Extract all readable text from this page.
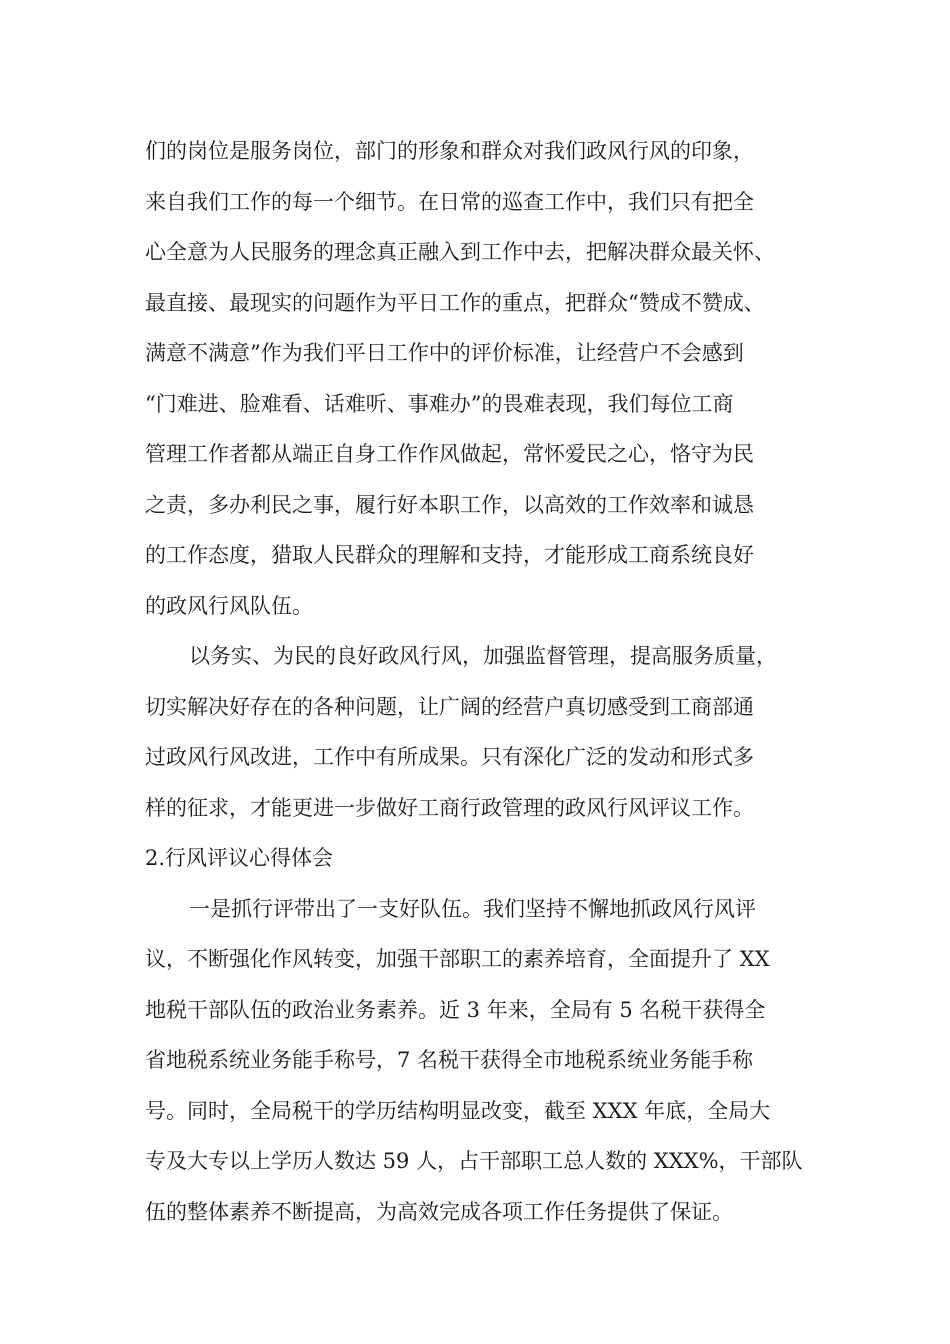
们的岗位是服务岗位，部门的形象和群众对我们政风行风的印象，

来自我们工作的每一个细节。在日常的巡查工作中，我们只有把全

心全意为人民服务的理念真正融入到工作中去，把解决群众最关怀、

最直接、最现实的问题作为平日工作的重点，把群众“赞成不赞成、

满意不满意”作为我们平日工作中的评价标准，让经营户不会感到

“门难进、脸难看、话难听、事难办”的畏难表现，我们每位工商

管理工作者都从端正自身工作作风做起，常怀爱民之心，恪守为民

之责，多办利民之事，履行好本职工作，以高效的工作效率和诚恳

的工作态度，猎取人民群众的理解和支持，才能形成工商系统良好

的政风行风队伍。

以务实、为民的良好政风行风，加强监督管理，提高服务质量，

切实解决好存在的各种问题，让广阔的经营户真切感受到工商部通

过政风行风改进，工作中有所成果。只有深化广泛的发动和形式多

样的征求，才能更进一步做好工商行政管理的政风行风评议工作。

2.行风评议心得体会

一是抓行评带出了一支好队伍。我们坚持不懈地抓政风行风评

议，不断强化作风转变，加强干部职工的素养培育，全面提升了 XX

地税干部队伍的政治业务素养。近 3 年来，全局有 5 名税干获得全

省地税系统业务能手称号，7 名税干获得全市地税系统业务能手称

号。同时，全局税干的学历结构明显改变，截至 XXX 年底，全局大

专及大专以上学历人数达 59 人，占干部职工总人数的 XXX%，干部队

伍的整体素养不断提高，为高效完成各项工作任务提供了保证。
